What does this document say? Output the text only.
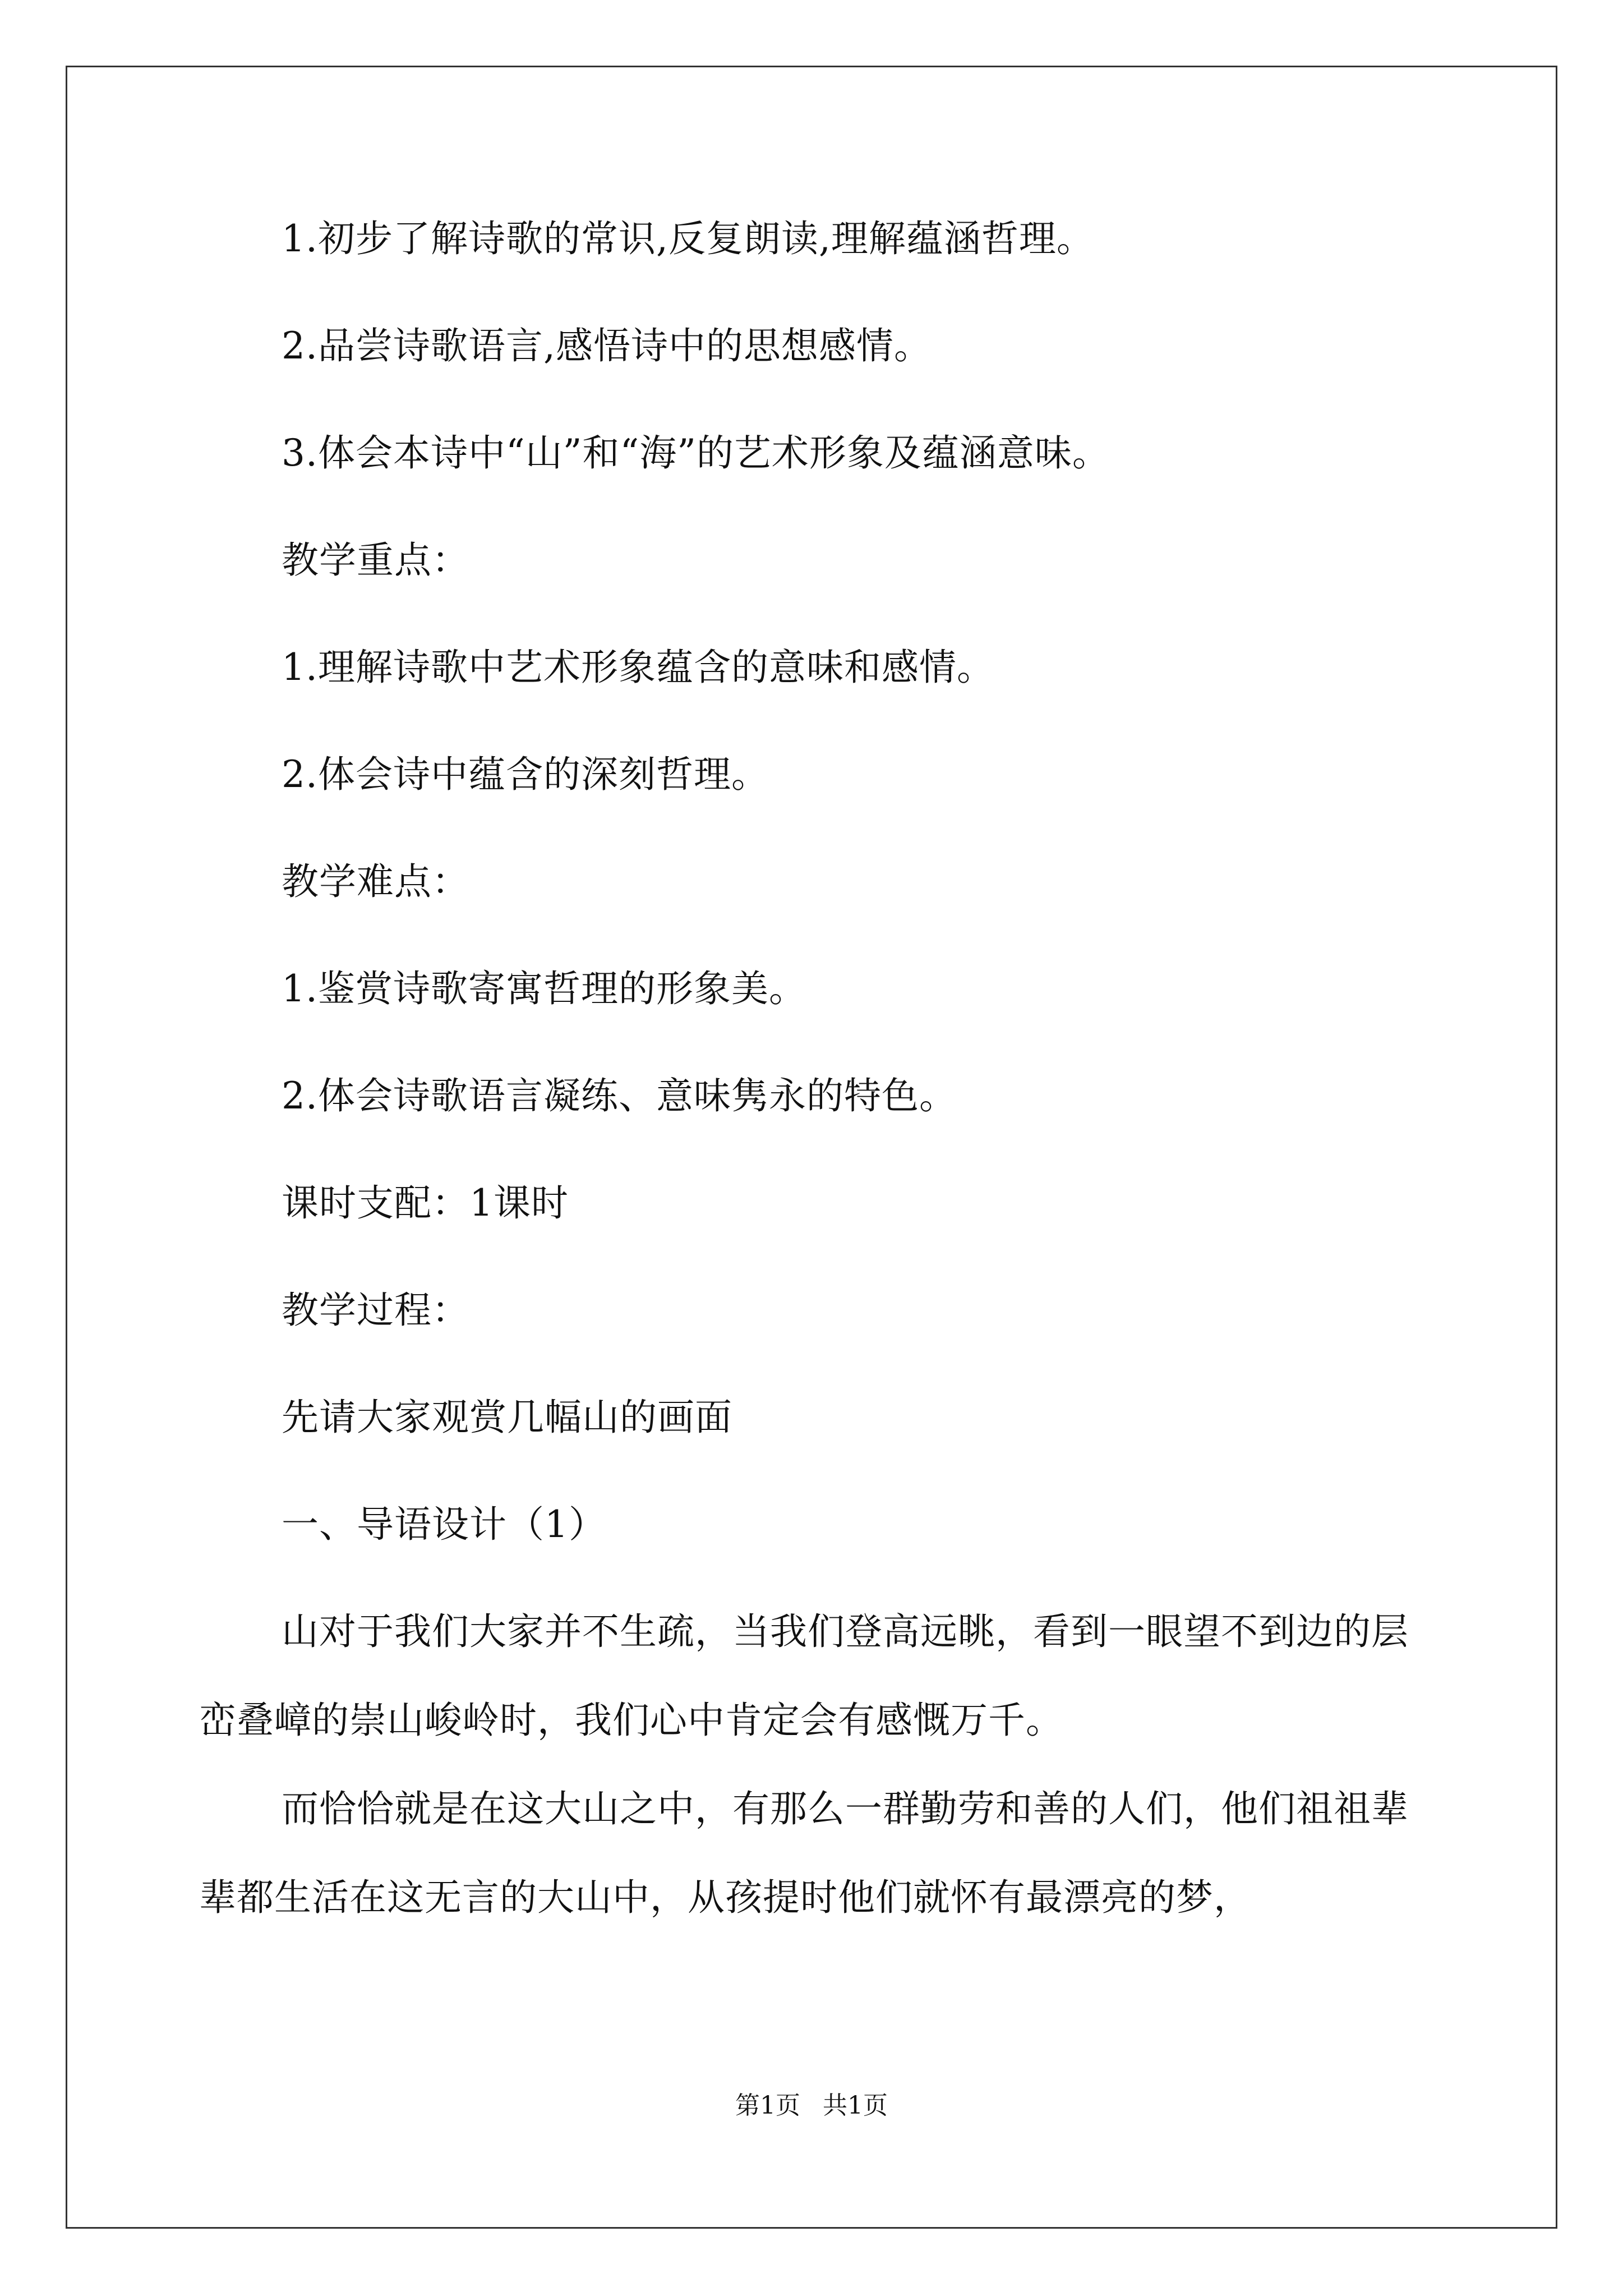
1.初步了解诗歌的常识,反复朗读,理解蕴涵哲理。

2.品尝诗歌语言,感悟诗中的思想感情。

3.体会本诗中“山”和“海”的艺术形象及蕴涵意味。

教学重点：

1.理解诗歌中艺术形象蕴含的意味和感情。

2.体会诗中蕴含的深刻哲理。

教学难点：

1.鉴赏诗歌寄寓哲理的形象美。

2.体会诗歌语言凝练、意味隽永的特色。

课时支配：1课时

教学过程：

先请大家观赏几幅山的画面

一、导语设计（1）

山对于我们大家并不生疏，当我们登高远眺，看到一眼望不到边的层峦叠嶂的崇山峻岭时，我们心中肯定会有感慨万千。

而恰恰就是在这大山之中，有那么一群勤劳和善的人们，他们祖祖辈辈都生活在这无言的大山中，从孩提时他们就怀有最漂亮的梦，

第1页 共1页
